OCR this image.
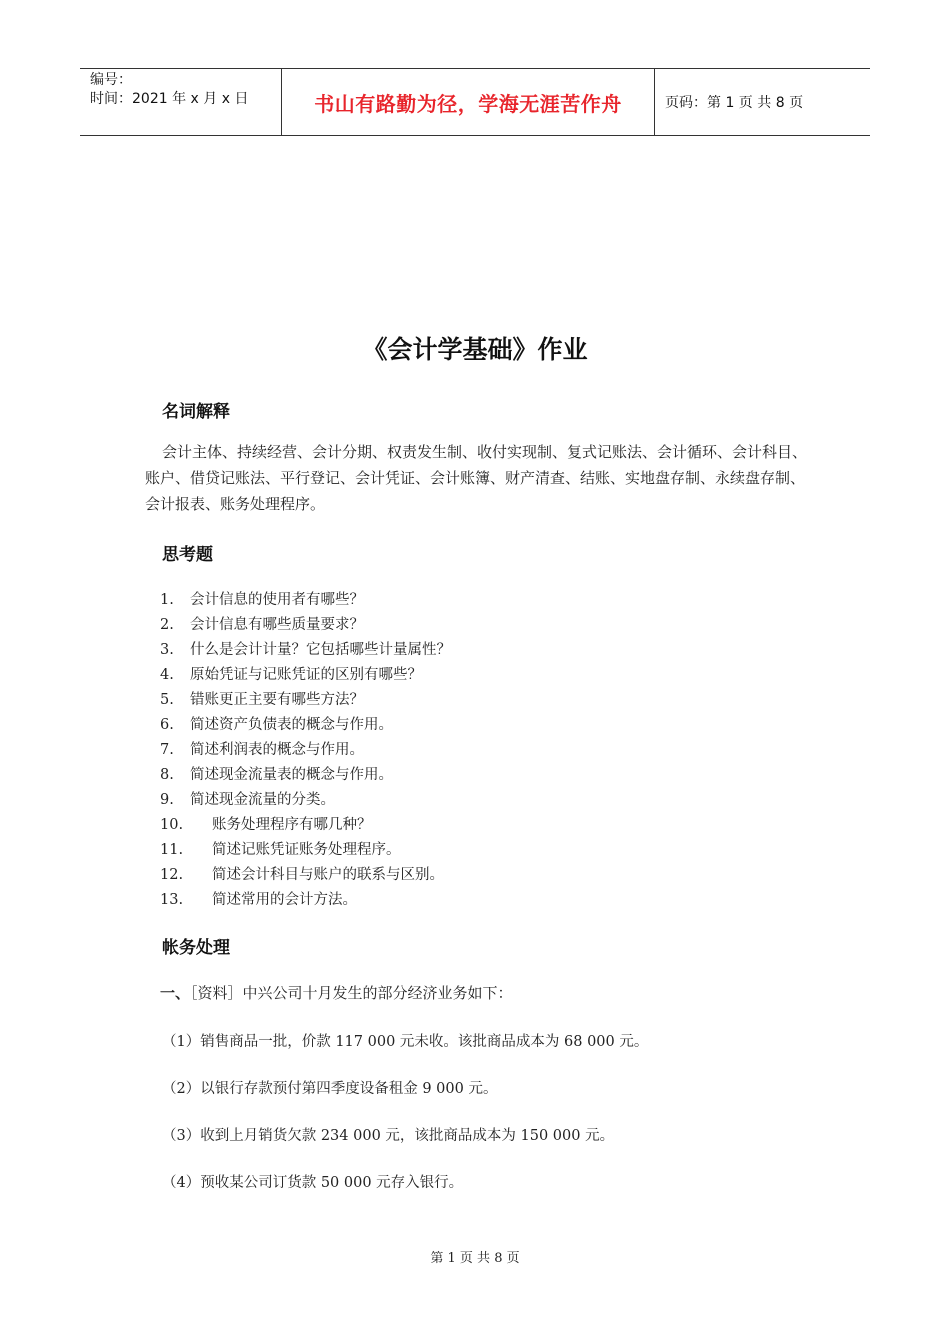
编号：
时间：2021 年 x 月 x 日	书山有路勤为径，学海无涯苦作舟	页码：第 1 页 共 8 页
《会计学基础》作业
名词解释
会计主体、持续经营、会计分期、权责发生制、收付实现制、复式记账法、会计循环、会计科目、账户、借贷记账法、平行登记、会计凭证、会计账簿、财产清查、结账、实地盘存制、永续盘存制、会计报表、账务处理程序。
思考题
1.	会计信息的使用者有哪些？
2.	会计信息有哪些质量要求？
3.	什么是会计计量？它包括哪些计量属性？
4.	原始凭证与记账凭证的区别有哪些？
5.	错账更正主要有哪些方法？
6.	简述资产负债表的概念与作用。
7.	简述利润表的概念与作用。
8.	简述现金流量表的概念与作用。
9.	简述现金流量的分类。
10.	账务处理程序有哪几种？
11.	简述记账凭证账务处理程序。
12.	简述会计科目与账户的联系与区别。
13.	简述常用的会计方法。
帐务处理
一、［资料］中兴公司十月发生的部分经济业务如下：
（1）销售商品一批，价款 117 000 元未收。该批商品成本为 68 000 元。
（2）以银行存款预付第四季度设备租金 9 000 元。
（3）收到上月销货欠款 234 000 元，该批商品成本为 150 000 元。
（4）预收某公司订货款 50 000 元存入银行。
第 1 页 共 8 页
